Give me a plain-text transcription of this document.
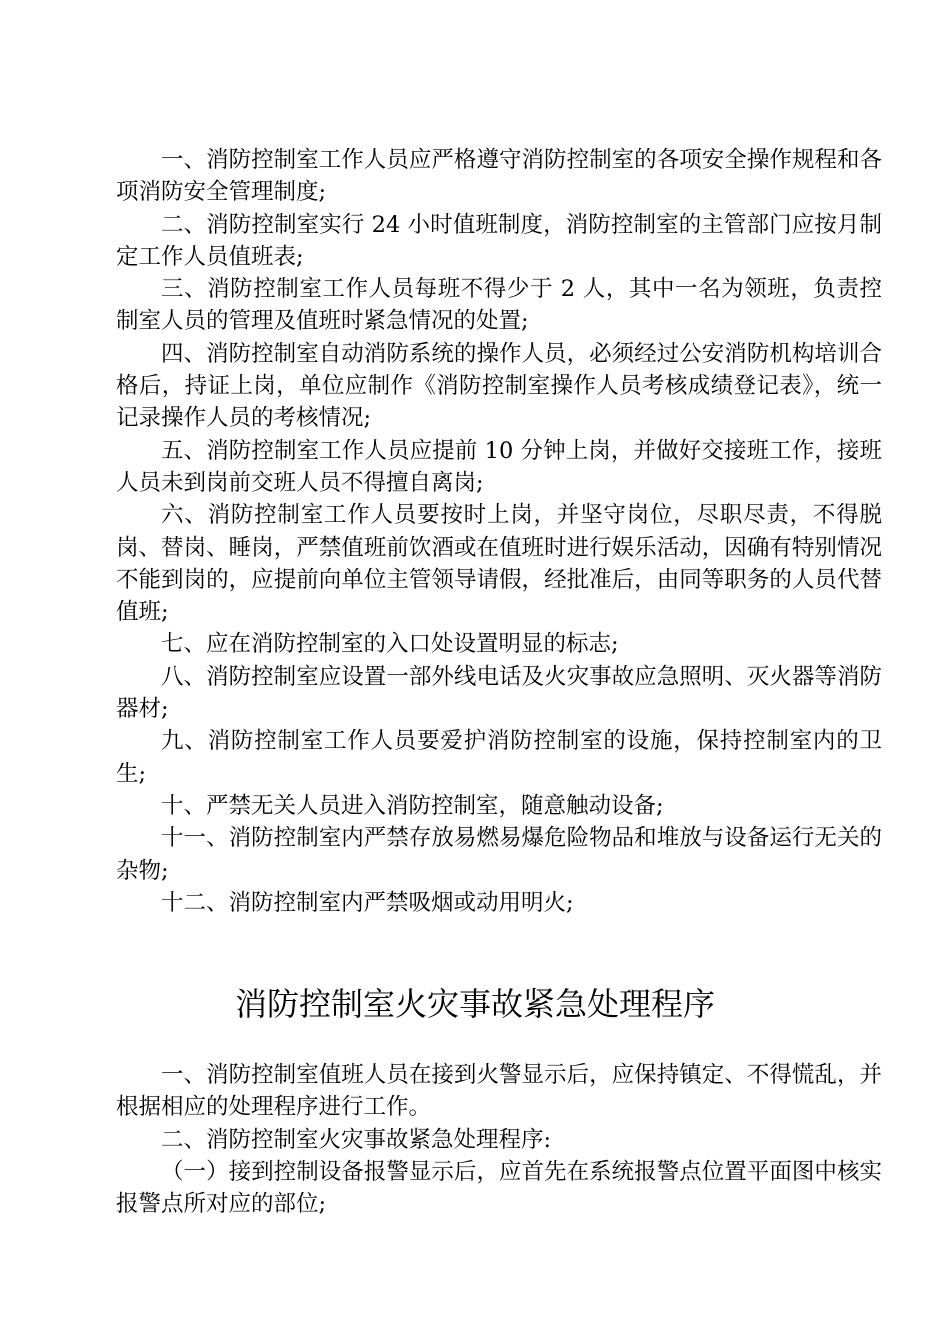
一、消防控制室工作人员应严格遵守消防控制室的各项安全操作规程和各项消防安全管理制度;

二、消防控制室实行 24 小时值班制度，消防控制室的主管部门应按月制定工作人员值班表;

三、消防控制室工作人员每班不得少于 2 人，其中一名为领班，负责控制室人员的管理及值班时紧急情况的处置;

四、消防控制室自动消防系统的操作人员，必须经过公安消防机构培训合格后，持证上岗，单位应制作《消防控制室操作人员考核成绩登记表》，统一记录操作人员的考核情况;

五、消防控制室工作人员应提前 10 分钟上岗，并做好交接班工作，接班人员未到岗前交班人员不得擅自离岗;

六、消防控制室工作人员要按时上岗，并坚守岗位，尽职尽责，不得脱岗、替岗、睡岗，严禁值班前饮酒或在值班时进行娱乐活动，因确有特别情况不能到岗的，应提前向单位主管领导请假，经批准后，由同等职务的人员代替值班;

七、应在消防控制室的入口处设置明显的标志;

八、消防控制室应设置一部外线电话及火灾事故应急照明、灭火器等消防器材;

九、消防控制室工作人员要爱护消防控制室的设施，保持控制室内的卫生;

十、严禁无关人员进入消防控制室，随意触动设备;

十一、消防控制室内严禁存放易燃易爆危险物品和堆放与设备运行无关的杂物;

十二、消防控制室内严禁吸烟或动用明火;

消防控制室火灾事故紧急处理程序

一、消防控制室值班人员在接到火警显示后，应保持镇定、不得慌乱，并根据相应的处理程序进行工作。

二、消防控制室火灾事故紧急处理程序:

（一）接到控制设备报警显示后，应首先在系统报警点位置平面图中核实报警点所对应的部位;
